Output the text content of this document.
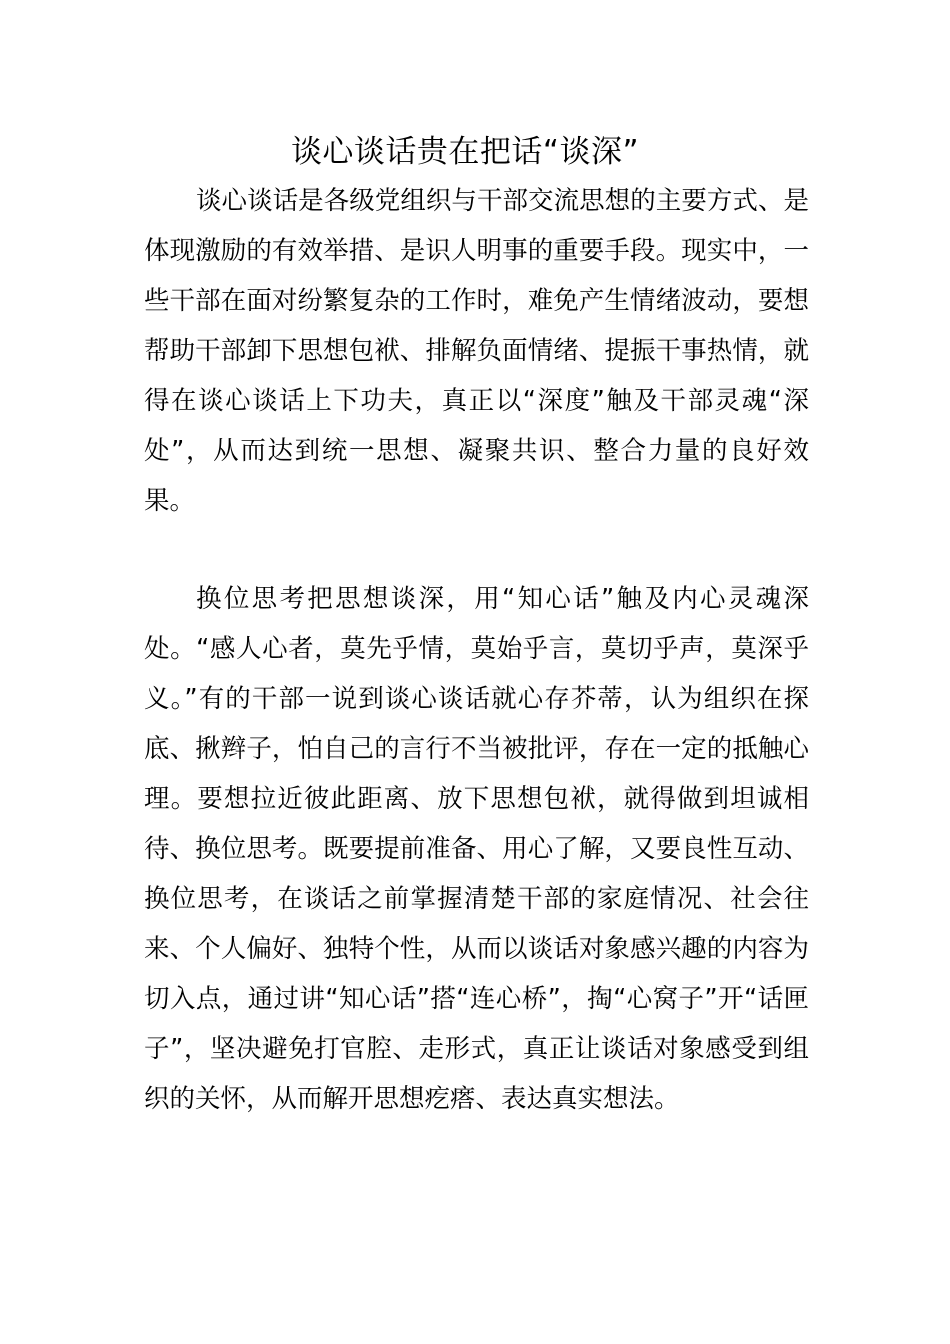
谈心谈话贵在把话“谈深”

谈心谈话是各级党组织与干部交流思想的主要方式、是体现激励的有效举措、是识人明事的重要手段。现实中，一些干部在面对纷繁复杂的工作时，难免产生情绪波动，要想帮助干部卸下思想包袱、排解负面情绪、提振干事热情，就得在谈心谈话上下功夫，真正以“深度”触及干部灵魂“深处”，从而达到统一思想、凝聚共识、整合力量的良好效果。

换位思考把思想谈深，用“知心话”触及内心灵魂深处。“感人心者，莫先乎情，莫始乎言，莫切乎声，莫深乎义。”有的干部一说到谈心谈话就心存芥蒂，认为组织在探底、揪辫子，怕自己的言行不当被批评，存在一定的抵触心理。要想拉近彼此距离、放下思想包袱，就得做到坦诚相待、换位思考。既要提前准备、用心了解，又要良性互动、换位思考，在谈话之前掌握清楚干部的家庭情况、社会往来、个人偏好、独特个性，从而以谈话对象感兴趣的内容为切入点，通过讲“知心话”搭“连心桥”，掏“心窝子”开“话匣子”，坚决避免打官腔、走形式，真正让谈话对象感受到组织的关怀，从而解开思想疙瘩、表达真实想法。
